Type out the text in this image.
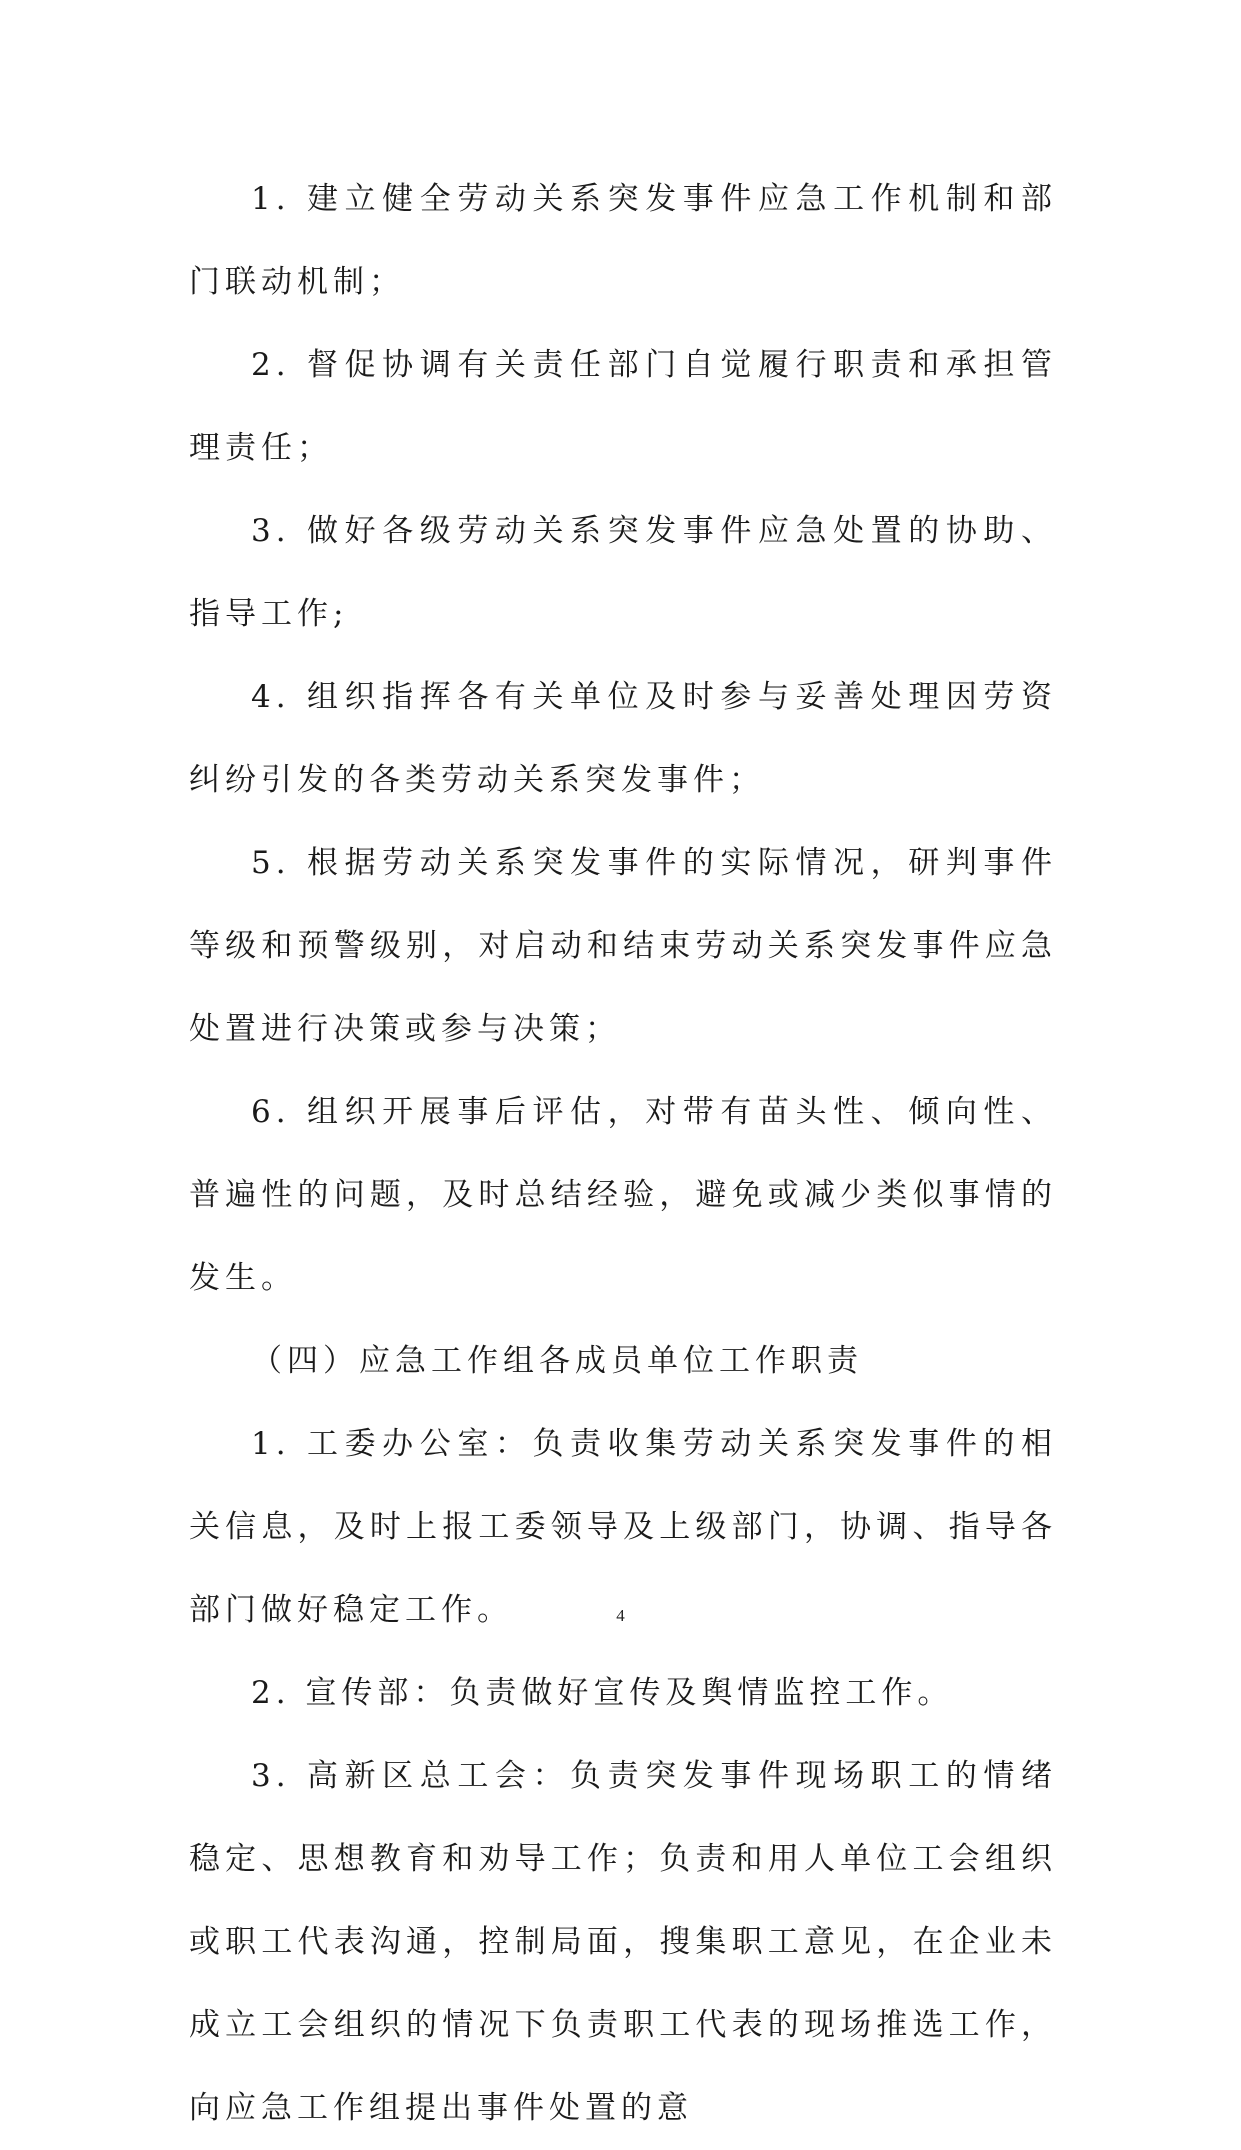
1. 建立健全劳动关系突发事件应急工作机制和部门联动机制；

2. 督促协调有关责任部门自觉履行职责和承担管理责任；

3. 做好各级劳动关系突发事件应急处置的协助、指导工作;

4. 组织指挥各有关单位及时参与妥善处理因劳资纠纷引发的各类劳动关系突发事件；

5. 根据劳动关系突发事件的实际情况，研判事件等级和预警级别，对启动和结束劳动关系突发事件应急处置进行决策或参与决策；

6. 组织开展事后评估，对带有苗头性、倾向性、普遍性的问题，及时总结经验，避免或减少类似事情的发生。

（四）应急工作组各成员单位工作职责

1. 工委办公室：负责收集劳动关系突发事件的相关信息，及时上报工委领导及上级部门，协调、指导各部门做好稳定工作。

2. 宣传部：负责做好宣传及舆情监控工作。

3. 高新区总工会：负责突发事件现场职工的情绪稳定、思想教育和劝导工作；负责和用人单位工会组织或职工代表沟通，控制局面，搜集职工意见，在企业未成立工会组织的情况下负责职工代表的现场推选工作，向应急工作组提出事件处置的意

4
